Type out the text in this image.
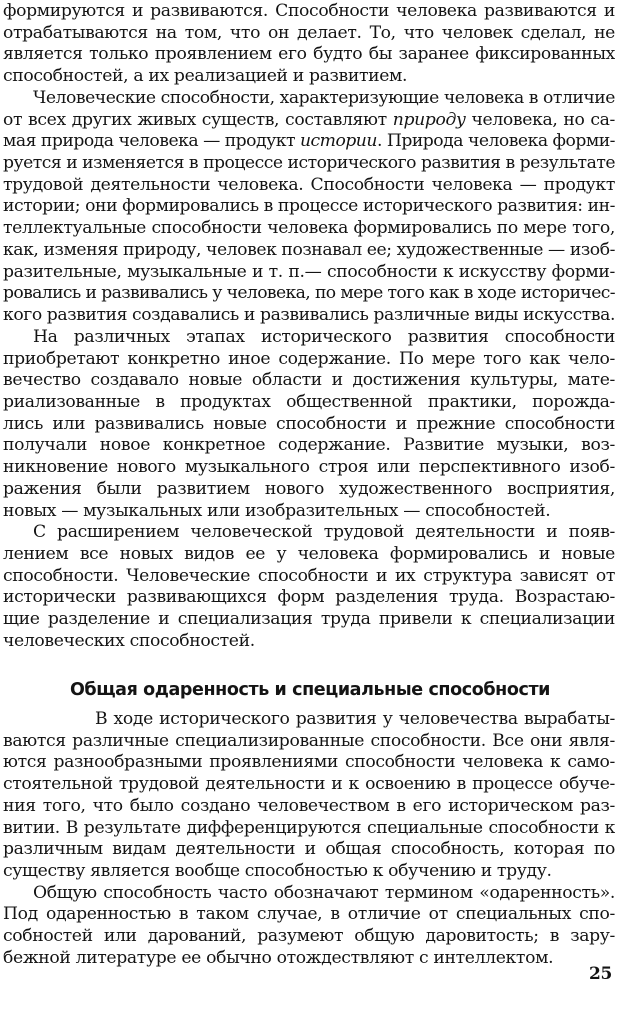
формируются и развиваются. Способности человека развиваются и
отрабатываются на том, что он делает. То, что человек сделал, не
является только проявлением его будто бы заранее фиксированных
способностей, а их реализацией и развитием.
Человеческие способности, характеризующие человека в отличие
от всех других живых существ, составляют природу человека, но са-
мая природа человека — продукт истории. Природа человека форми-
руется и изменяется в процессе исторического развития в результате
трудовой деятельности человека. Способности человека — продукт
истории; они формировались в процессе исторического развития: ин-
теллектуальные способности человека формировались по мере того,
как, изменяя природу, человек познавал ее; художественные — изоб-
разительные, музыкальные и т. п.— способности к искусству форми-
ровались и развивались у человека, по мере того как в ходе историчес-
кого развития создавались и развивались различные виды искусства.
На различных этапах исторического развития способности
приобретают конкретно иное содержание. По мере того как чело-
вечество создавало новые области и достижения культуры, мате-
риализованные в продуктах общественной практики, порожда-
лись или развивались новые способности и прежние способности
получали новое конкретное содержание. Развитие музыки, воз-
никновение нового музыкального строя или перспективного изоб-
ражения были развитием нового художественного восприятия,
новых — музыкальных или изобразительных — способностей.
С расширением человеческой трудовой деятельности и появ-
лением все новых видов ее у человека формировались и новые
способности. Человеческие способности и их структура зависят от
исторически развивающихся форм разделения труда. Возрастаю-
щие разделение и специализация труда привели к специализации
человеческих способностей.
Общая одаренность и специальные способности
В ходе исторического развития у человечества вырабаты-
ваются различные специализированные способности. Все они явля-
ются разнообразными проявлениями способности человека к само-
стоятельной трудовой деятельности и к освоению в процессе обуче-
ния того, что было создано человечеством в его историческом раз-
витии. В результате дифференцируются специальные способности к
различным видам деятельности и общая способность, которая по
существу является вообще способностью к обучению и труду.
Общую способность часто обозначают термином «одаренность».
Под одаренностью в таком случае, в отличие от специальных спо-
собностей или дарований, разумеют общую даровитость; в зару-
бежной литературе ее обычно отождествляют с интеллектом.
25
